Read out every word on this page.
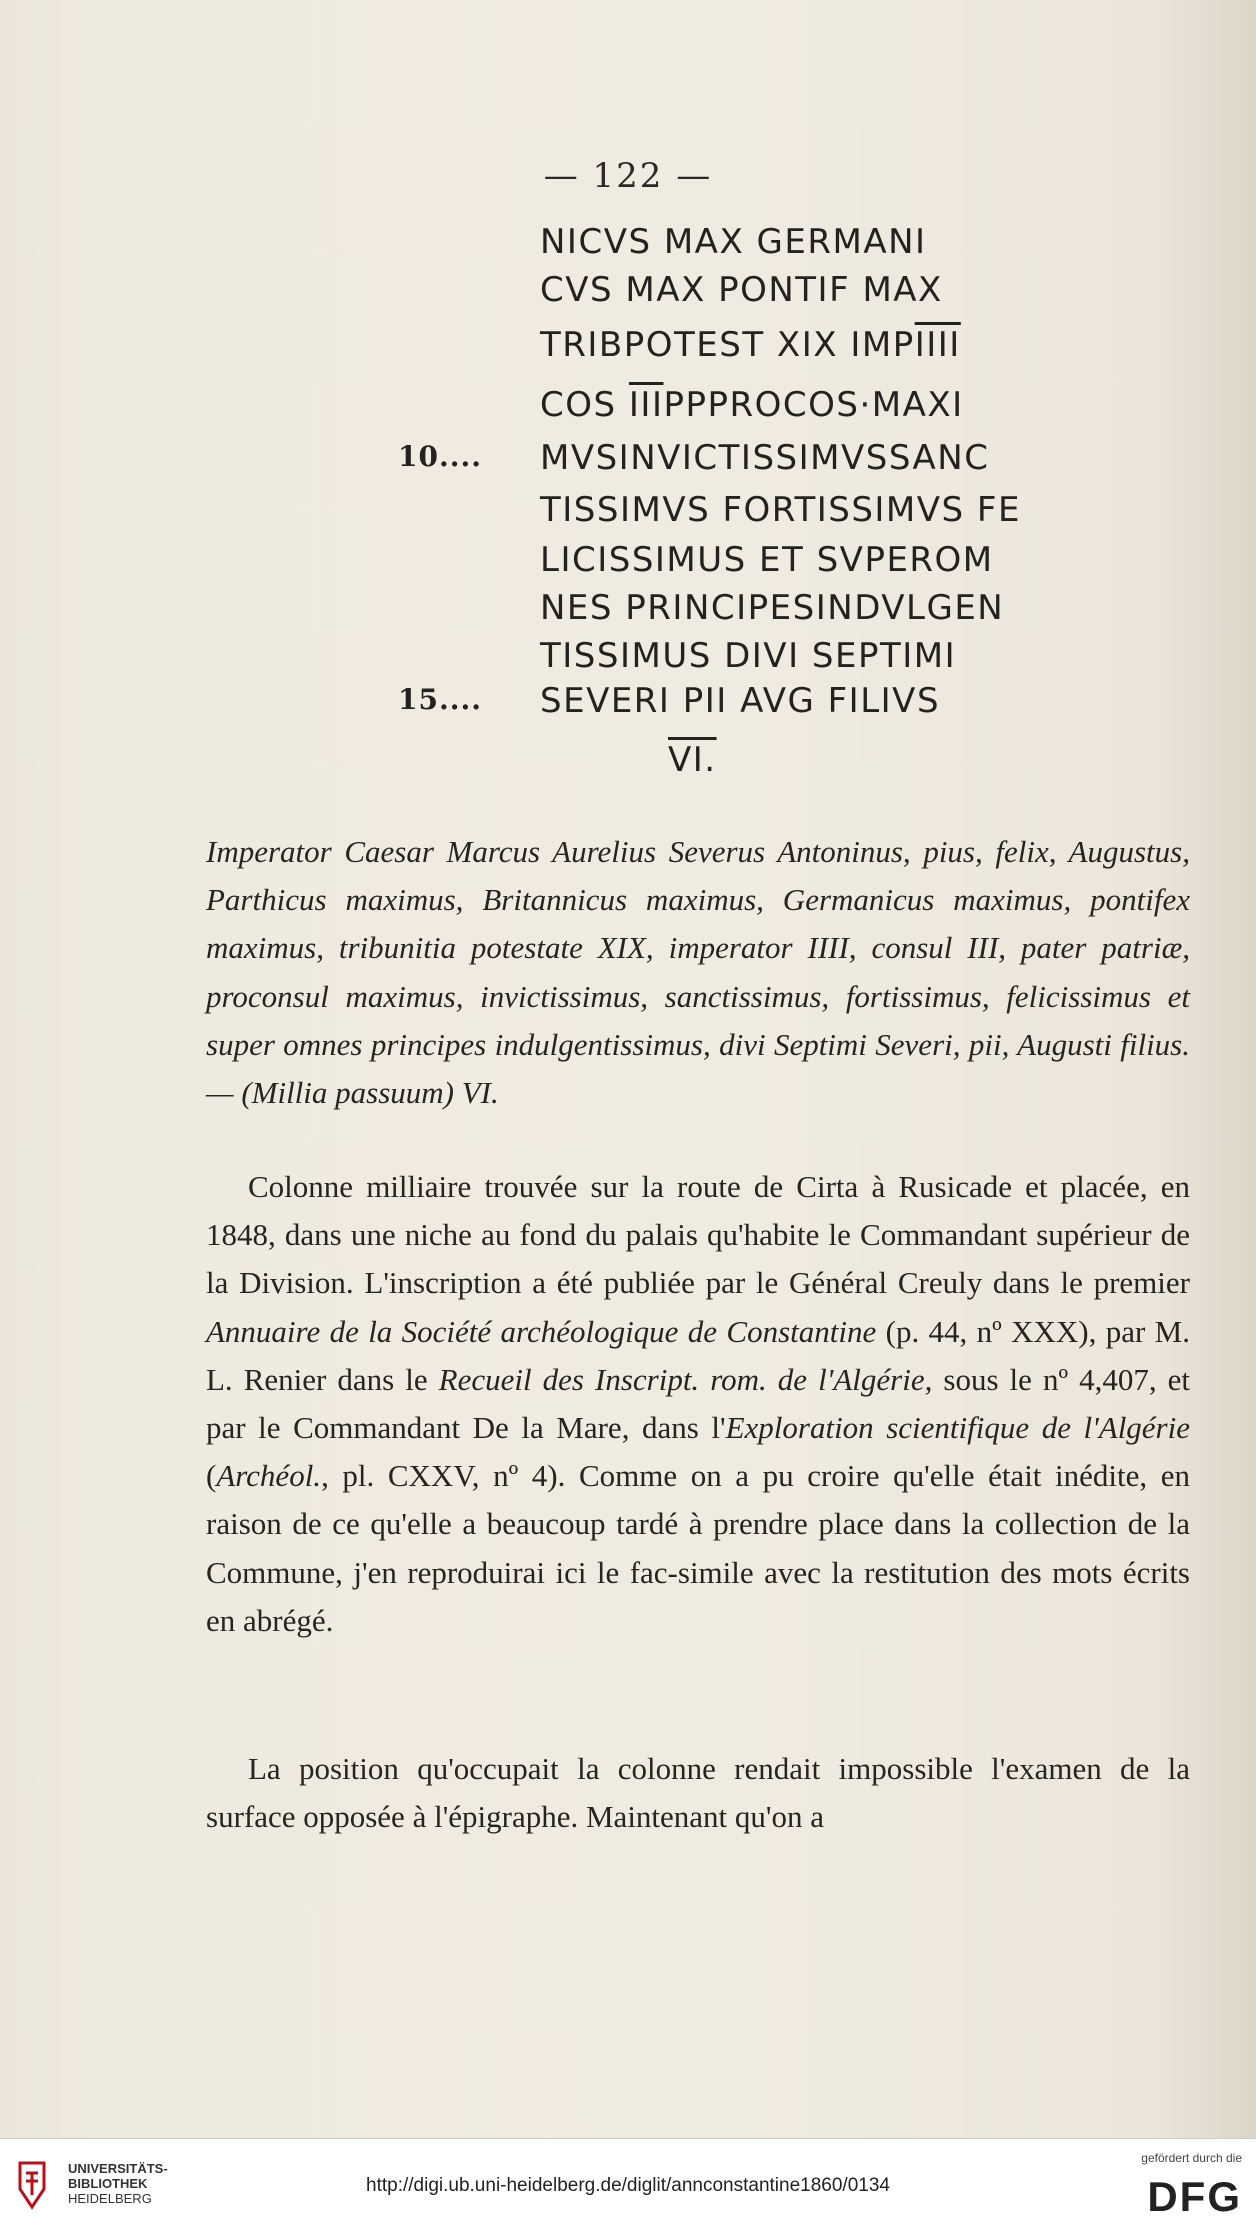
— 122 —
NICVS MAX GERMANI
CVS MAX PONTIF MAX
TRIBPOTEST XIX IMPIIII
COS $\overline{III}PPPROCOS\cdot MAXI$
10.... MVSINVICTISSIMVSSANC
TISSIMVS FORTISSIMVS FE
LICISSIMUS ET SVPEROM
NES PRINCIPESINDVLGEN
TISSIMUS DIVI SEPTIMI
15.... SEVERI PII AVG FILIVS
VI.
Imperator Caesar Marcus Aurelius Severus Antoninus, pius, felix, Augustus, Parthicus maximus, Britannicus maximus, Germanicus maximus, pontifex maximus, tribunitia potestate XIX, imperator IIII, consul III, pater patriæ, proconsul maximus, invictissimus, sanctissimus, fortissimus, felicissimus et super omnes principes indulgentissimus, divi Septimi Severi, pii, Augusti filius. — (Millia passuum) VI.
Colonne milliaire trouvée sur la route de Cirta à Rusicade et placée, en 1848, dans une niche au fond du palais qu'habite le Commandant supérieur de la Division. L'inscription a été publiée par le Général Creuly dans le premier Annuaire de la Société archéologique de Constantine (p. 44, nº XXX), par M. L. Renier dans le Recueil des Inscript. rom. de l'Algérie, sous le nº 4,407, et par le Commandant De la Mare, dans l'Exploration scientifique de l'Algérie (Archéol., pl. CXXV, nº 4). Comme on a pu croire qu'elle était inédite, en raison de ce qu'elle a beaucoup tardé à prendre place dans la collection de la Commune, j'en reproduirai ici le fac-simile avec la restitution des mots écrits en abrégé.
La position qu'occupait la colonne rendait impossible l'examen de la surface opposée à l'épigraphe. Maintenant qu'on a
UNIVERSITÄTS-
BIBLIOTHEK
HEIDELBERG
http://digi.ub.uni-heidelberg.de/diglit/annconstantine1860/0134
gefördert durch die
DFG
